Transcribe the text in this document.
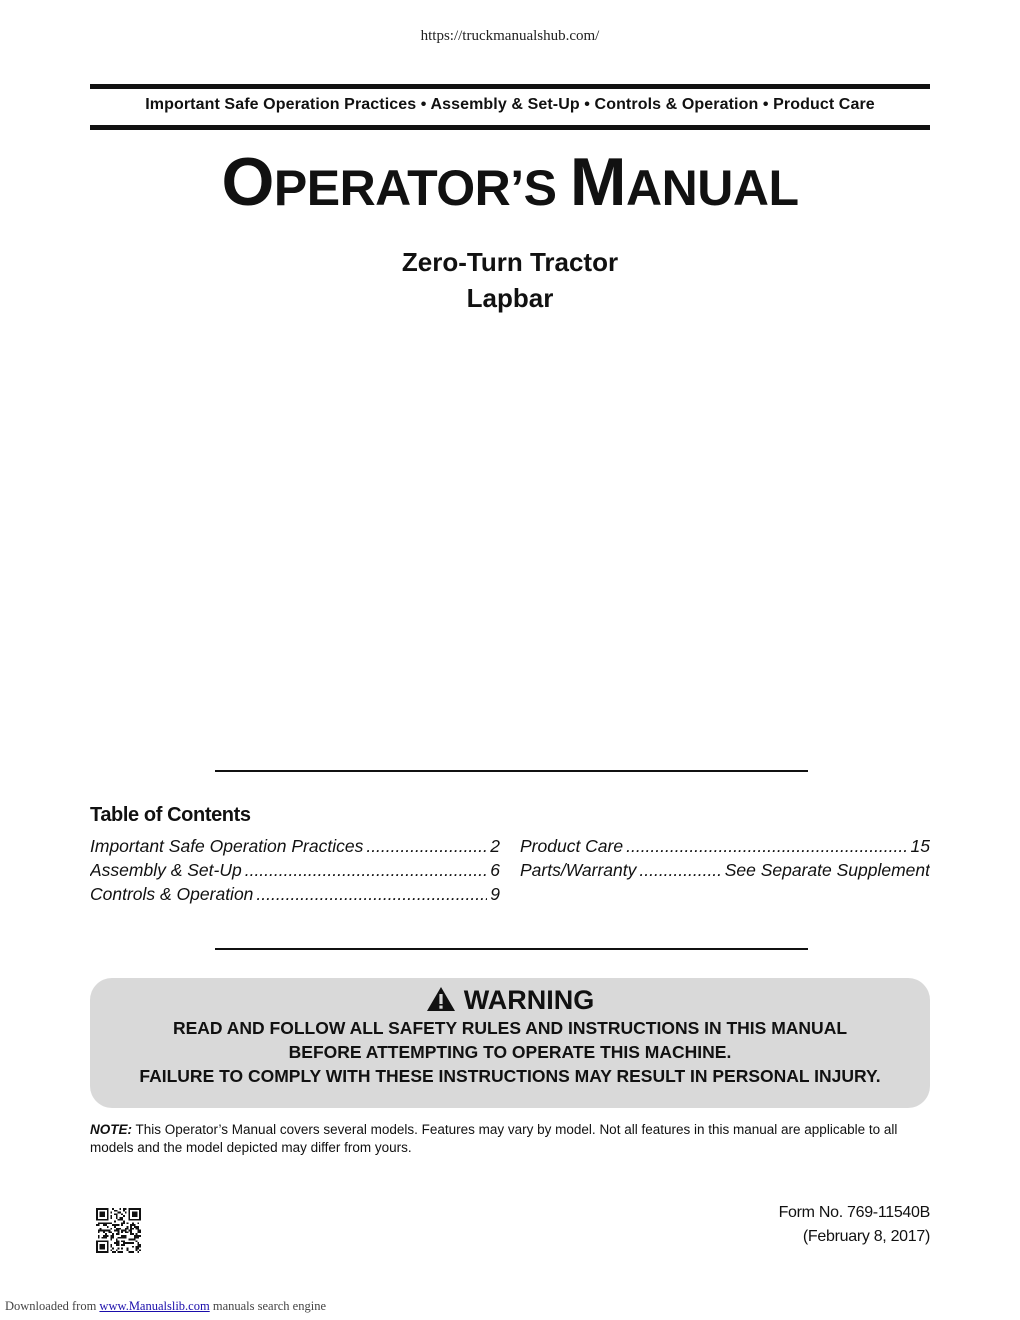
https://truckmanualshub.com/
Important Safe Operation Practices • Assembly & Set-Up • Controls & Operation • Product Care
OPERATOR’S MANUAL
Zero-Turn Tractor
Lapbar
Table of Contents
Important Safe Operation Practices .....	2
Assembly & Set-Up .....	6
Controls & Operation .....	9
Product Care .....	15
Parts/Warranty .....	See Separate Supplement
WARNING
READ AND FOLLOW ALL SAFETY RULES AND INSTRUCTIONS IN THIS MANUAL
BEFORE ATTEMPTING TO OPERATE THIS MACHINE.
FAILURE TO COMPLY WITH THESE INSTRUCTIONS MAY RESULT IN PERSONAL INJURY.
NOTE: This Operator’s Manual covers several models. Features may vary by model. Not all features in this manual are applicable to all models and the model depicted may differ from yours.
Form No. 769-11540B
(February 8, 2017)
Downloaded from www.Manualslib.com manuals search engine
